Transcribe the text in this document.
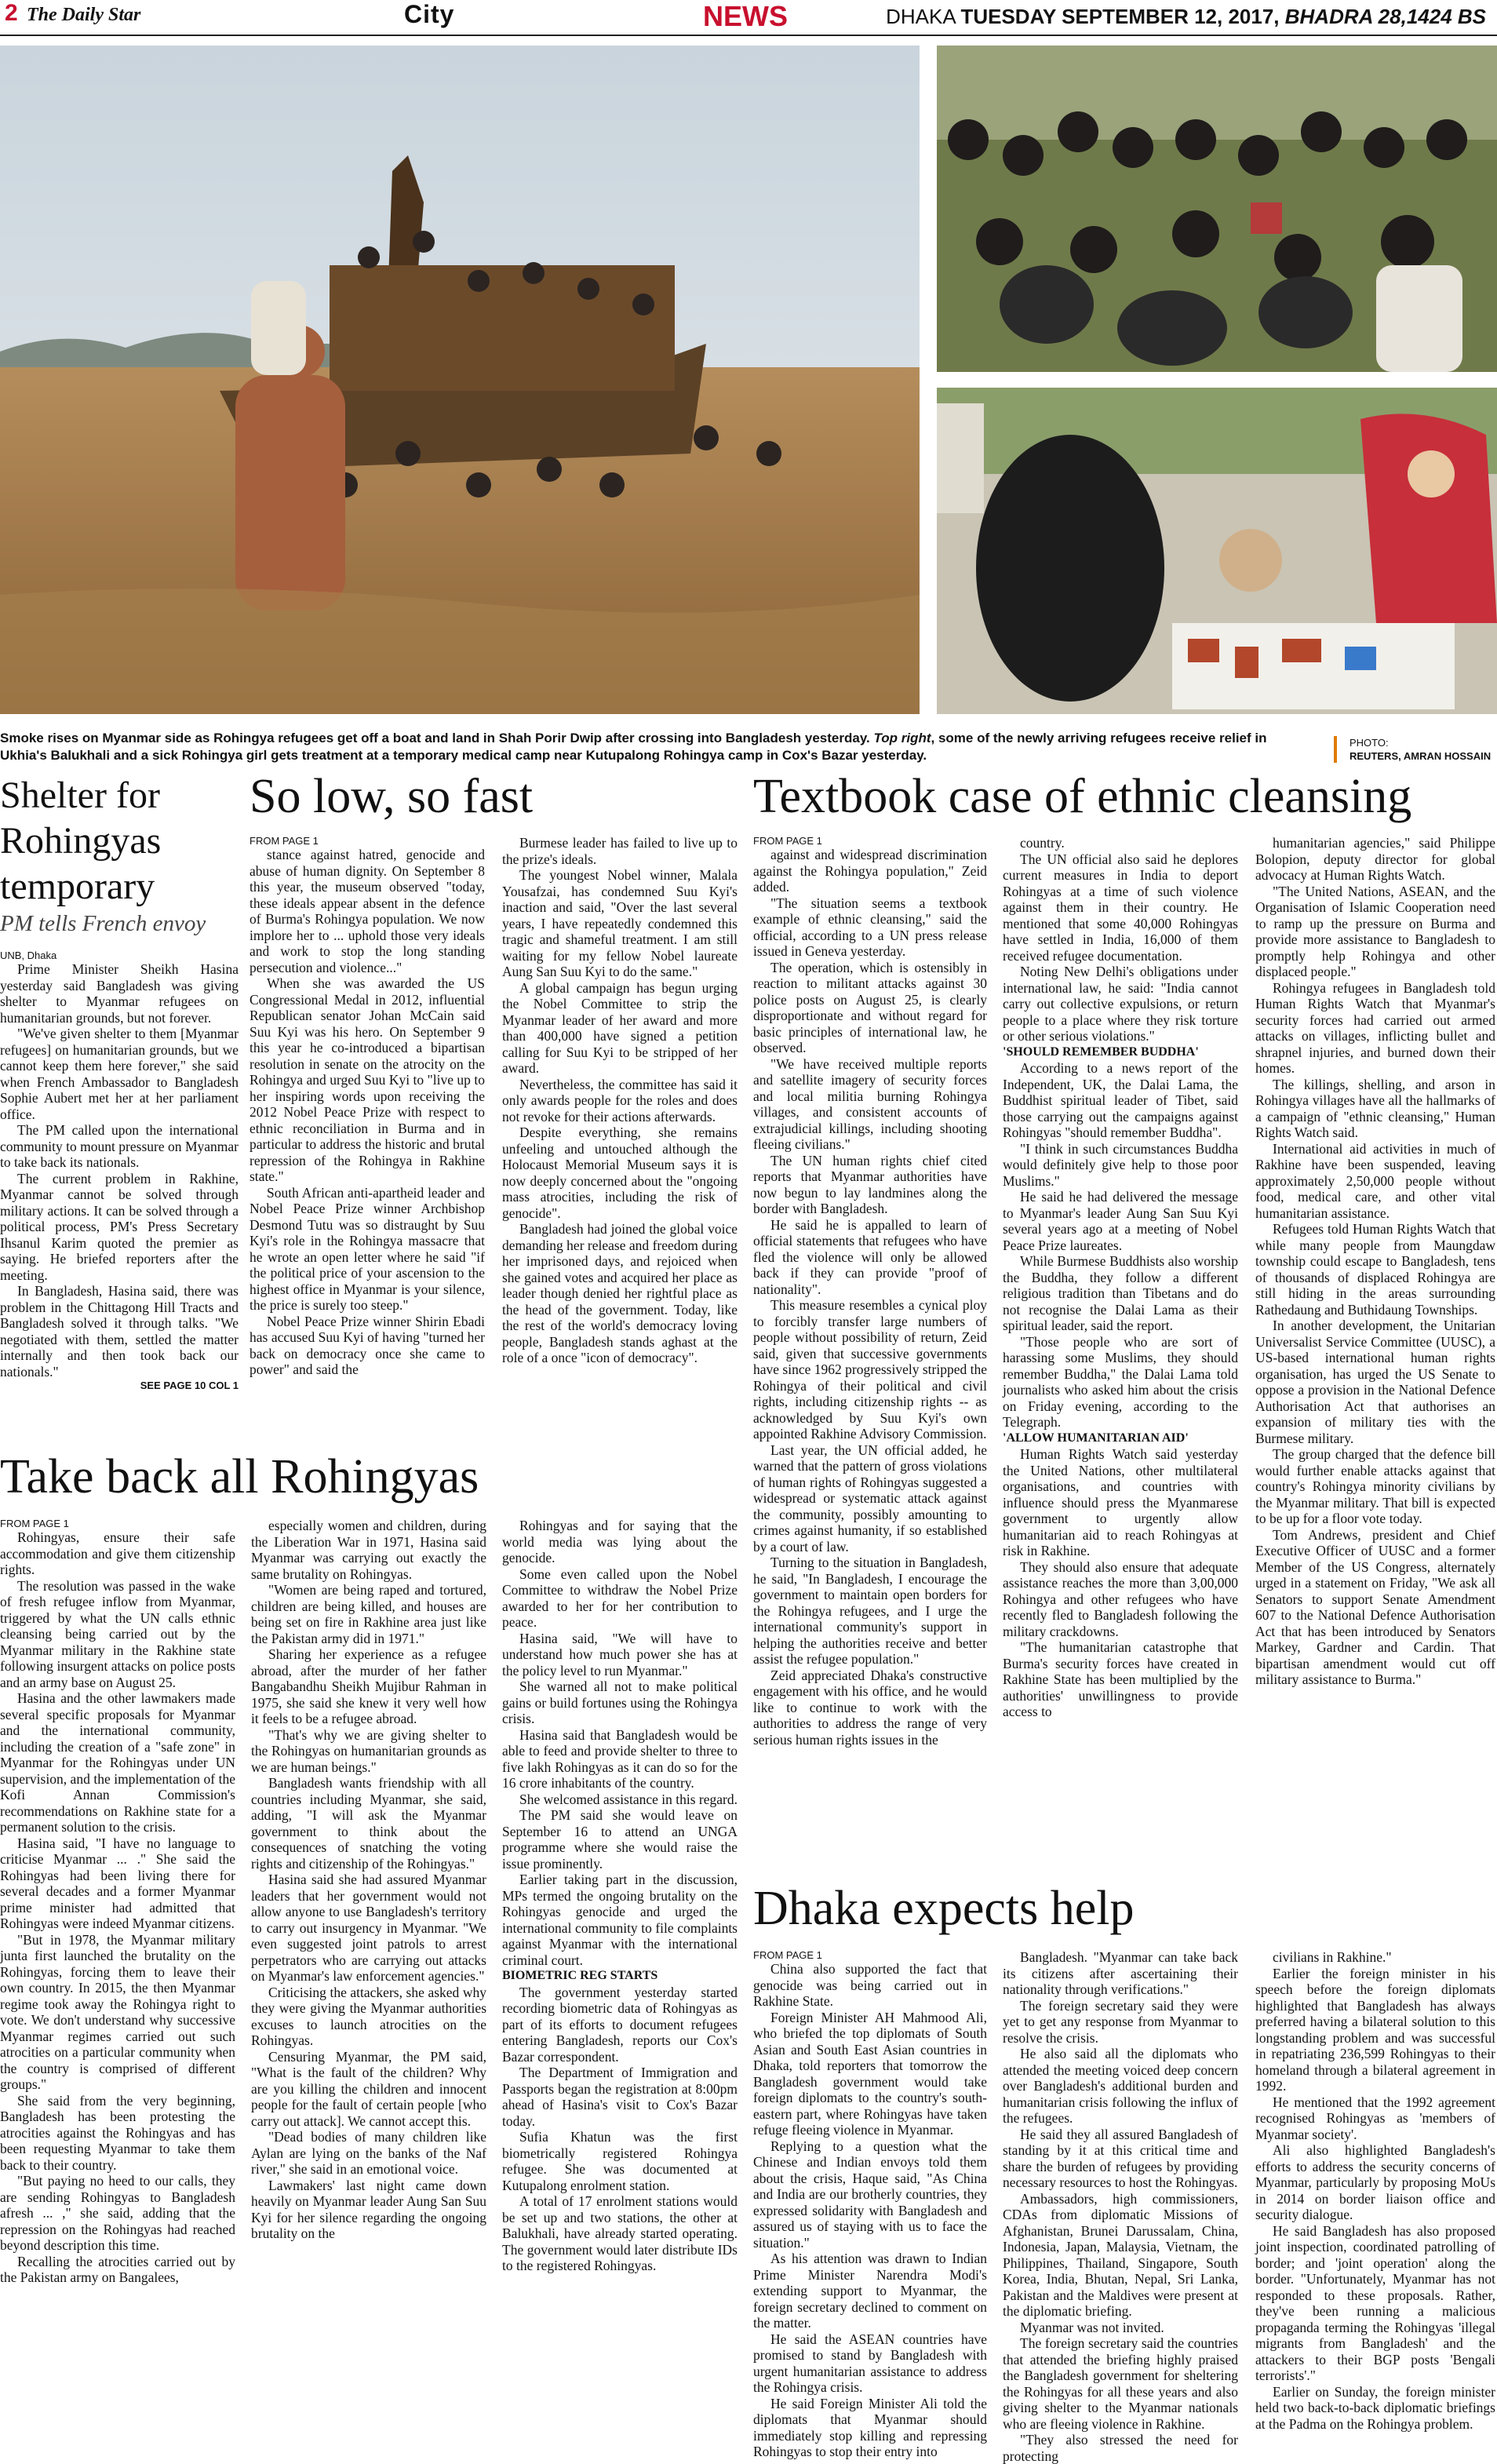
2 The Daily Star	City	NEWS	DHAKA TUESDAY SEPTEMBER 12, 2017, BHADRA 28,1424 BS
Smoke rises on Myanmar side as Rohingya refugees get off a boat and land in Shah Porir Dwip after crossing into Bangladesh yesterday. Top right, some of the newly arriving refugees receive relief in Ukhia's Balukhali and a sick Rohingya girl gets treatment at a temporary medical camp near Kutupalong Rohingya camp in Cox's Bazar yesterday.
PHOTO:
REUTERS, AMRAN HOSSAIN
Shelter for Rohingyas temporary
PM tells French envoy

UNB, Dhaka

Prime Minister Sheikh Hasina yesterday said Bangladesh was giving shelter to Myanmar refugees on humanitarian grounds, but not forever.

"We've given shelter to them [Myanmar refugees] on humanitarian grounds, but we cannot keep them here forever," she said when French Ambassador to Bangladesh Sophie Aubert met her at her parliament office.

The PM called upon the international community to mount pressure on Myanmar to take back its nationals.

The current problem in Rakhine, Myanmar cannot be solved through military actions. It can be solved through a political process, PM's Press Secretary Ihsanul Karim quoted the premier as saying. He briefed reporters after the meeting.

In Bangladesh, Hasina said, there was problem in the Chittagong Hill Tracts and Bangladesh solved it through talks. "We negotiated with them, settled the matter internally and then took back our nationals."

SEE PAGE 10 COL 1

So low, so fast

FROM PAGE 1

stance against hatred, genocide and abuse of human dignity. On September 8 this year, the museum observed "today, these ideals appear absent in the defence of Burma's Rohingya population. We now implore her to ... uphold those very ideals and work to stop the long standing persecution and violence..."

When she was awarded the US Congressional Medal in 2012, influential Republican senator Johan McCain said Suu Kyi was his hero. On September 9 this year he co-introduced a bipartisan resolution in senate on the atrocity on the Rohingya and urged Suu Kyi to "live up to her inspiring words upon receiving the 2012 Nobel Peace Prize with respect to ethnic reconciliation in Burma and in particular to address the historic and brutal repression of the Rohingya in Rakhine state."

South African anti-apartheid leader and Nobel Peace Prize winner Archbishop Desmond Tutu was so distraught by Suu Kyi's role in the Rohingya massacre that he wrote an open letter where he said "if the political price of your ascension to the highest office in Myanmar is your silence, the price is surely too steep."

Nobel Peace Prize winner Shirin Ebadi has accused Suu Kyi of having "turned her back on democracy once she came to power" and said the

Burmese leader has failed to live up to the prize's ideals.

The youngest Nobel winner, Malala Yousafzai, has condemned Suu Kyi's inaction and said, "Over the last several years, I have repeatedly condemned this tragic and shameful treatment. I am still waiting for my fellow Nobel laureate Aung San Suu Kyi to do the same."

A global campaign has begun urging the Nobel Committee to strip the Myanmar leader of her award and more than 400,000 have signed a petition calling for Suu Kyi to be stripped of her award.

Nevertheless, the committee has said it only awards people for the roles and does not revoke for their actions afterwards.

Despite everything, she remains unfeeling and untouched although the Holocaust Memorial Museum says it is now deeply concerned about the "ongoing mass atrocities, including the risk of genocide".

Bangladesh had joined the global voice demanding her release and freedom during her imprisoned days, and rejoiced when she gained votes and acquired her place as leader though denied her rightful place as the head of the government. Today, like the rest of the world's democracy loving people, Bangladesh stands aghast at the role of a once "icon of democracy".

Textbook case of ethnic cleansing

FROM PAGE 1

against and widespread discrimination against the Rohingya population," Zeid added.

"The situation seems a textbook example of ethnic cleansing," said the official, according to a UN press release issued in Geneva yesterday.

The operation, which is ostensibly in reaction to militant attacks against 30 police posts on August 25, is clearly disproportionate and without regard for basic principles of international law, he observed.

"We have received multiple reports and satellite imagery of security forces and local militia burning Rohingya villages, and consistent accounts of extrajudicial killings, including shooting fleeing civilians."

The UN human rights chief cited reports that Myanmar authorities have now begun to lay landmines along the border with Bangladesh.

He said he is appalled to learn of official statements that refugees who have fled the violence will only be allowed back if they can provide "proof of nationality".

This measure resembles a cynical ploy to forcibly transfer large numbers of people without possibility of return, Zeid said, given that successive governments have since 1962 progressively stripped the Rohingya of their political and civil rights, including citizenship rights -- as acknowledged by Suu Kyi's own appointed Rakhine Advisory Commission.

Last year, the UN official added, he warned that the pattern of gross violations of human rights of Rohingyas suggested a widespread or systematic attack against the community, possibly amounting to crimes against humanity, if so established by a court of law.

Turning to the situation in Bangladesh, he said, "In Bangladesh, I encourage the government to maintain open borders for the Rohingya refugees, and I urge the international community's support in helping the authorities receive and better assist the refugee population."

Zeid appreciated Dhaka's constructive engagement with his office, and he would like to continue to work with the authorities to address the range of very serious human rights issues in the

country.

The UN official also said he deplores current measures in India to deport Rohingyas at a time of such violence against them in their country. He mentioned that some 40,000 Rohingyas have settled in India, 16,000 of them received refugee documentation.

Noting New Delhi's obligations under international law, he said: "India cannot carry out collective expulsions, or return people to a place where they risk torture or other serious violations."

'SHOULD REMEMBER BUDDHA'

According to a news report of the Independent, UK, the Dalai Lama, the Buddhist spiritual leader of Tibet, said those carrying out the campaigns against Rohingyas "should remember Buddha".

"I think in such circumstances Buddha would definitely give help to those poor Muslims."

He said he had delivered the message to Myanmar's leader Aung San Suu Kyi several years ago at a meeting of Nobel Peace Prize laureates.

While Burmese Buddhists also worship the Buddha, they follow a different religious tradition than Tibetans and do not recognise the Dalai Lama as their spiritual leader, said the report.

"Those people who are sort of harassing some Muslims, they should remember Buddha," the Dalai Lama told journalists who asked him about the crisis on Friday evening, according to the Telegraph.

'ALLOW HUMANITARIAN AID'

Human Rights Watch said yesterday the United Nations, other multilateral organisations, and countries with influence should press the Myanmarese government to urgently allow humanitarian aid to reach Rohingyas at risk in Rakhine.

They should also ensure that adequate assistance reaches the more than 3,00,000 Rohingya and other refugees who have recently fled to Bangladesh following the military crackdowns.

"The humanitarian catastrophe that Burma's security forces have created in Rakhine State has been multiplied by the authorities' unwillingness to provide access to

humanitarian agencies," said Philippe Bolopion, deputy director for global advocacy at Human Rights Watch.

"The United Nations, ASEAN, and the Organisation of Islamic Cooperation need to ramp up the pressure on Burma and provide more assistance to Bangladesh to promptly help Rohingya and other displaced people."

Rohingya refugees in Bangladesh told Human Rights Watch that Myanmar's security forces had carried out armed attacks on villages, inflicting bullet and shrapnel injuries, and burned down their homes.

The killings, shelling, and arson in Rohingya villages have all the hallmarks of a campaign of "ethnic cleansing," Human Rights Watch said.

International aid activities in much of Rakhine have been suspended, leaving approximately 2,50,000 people without food, medical care, and other vital humanitarian assistance.

Refugees told Human Rights Watch that while many people from Maungdaw township could escape to Bangladesh, tens of thousands of displaced Rohingya are still hiding in the areas surrounding Rathedaung and Buthidaung Townships.

In another development, the Unitarian Universalist Service Committee (UUSC), a US-based international human rights organisation, has urged the US Senate to oppose a provision in the National Defence Authorisation Act that authorises an expansion of military ties with the Burmese military.

The group charged that the defence bill would further enable attacks against that country's Rohingya minority civilians by the Myanmar military. That bill is expected to be up for a floor vote today.

Tom Andrews, president and Chief Executive Officer of UUSC and a former Member of the US Congress, alternately urged in a statement on Friday, "We ask all Senators to support Senate Amendment 607 to the National Defence Authorisation Act that has been introduced by Senators Markey, Gardner and Cardin. That bipartisan amendment would cut off military assistance to Burma."

Take back all Rohingyas

FROM PAGE 1

Rohingyas, ensure their safe accommodation and give them citizenship rights.

The resolution was passed in the wake of fresh refugee inflow from Myanmar, triggered by what the UN calls ethnic cleansing being carried out by the Myanmar military in the Rakhine state following insurgent attacks on police posts and an army base on August 25.

Hasina and the other lawmakers made several specific proposals for Myanmar and the international community, including the creation of a "safe zone" in Myanmar for the Rohingyas under UN supervision, and the implementation of the Kofi Annan Commission's recommendations on Rakhine state for a permanent solution to the crisis.

Hasina said, "I have no language to criticise Myanmar ... ." She said the Rohingyas had been living there for several decades and a former Myanmar prime minister had admitted that Rohingyas were indeed Myanmar citizens.

"But in 1978, the Myanmar military junta first launched the brutality on the Rohingyas, forcing them to leave their own country. In 2015, the then Myanmar regime took away the Rohingya right to vote. We don't understand why successive Myanmar regimes carried out such atrocities on a particular community when the country is comprised of different groups."

She said from the very beginning, Bangladesh has been protesting the atrocities against the Rohingyas and has been requesting Myanmar to take them back to their country.

"But paying no heed to our calls, they are sending Rohingyas to Bangladesh afresh ... ," she said, adding that the repression on the Rohingyas had reached beyond description this time.

Recalling the atrocities carried out by the Pakistan army on Bangalees,

especially women and children, during the Liberation War in 1971, Hasina said Myanmar was carrying out exactly the same brutality on Rohingyas.

"Women are being raped and tortured, children are being killed, and houses are being set on fire in Rakhine area just like the Pakistan army did in 1971."

Sharing her experience as a refugee abroad, after the murder of her father Bangabandhu Sheikh Mujibur Rahman in 1975, she said she knew it very well how it feels to be a refugee abroad.

"That's why we are giving shelter to the Rohingyas on humanitarian grounds as we are human beings."

Bangladesh wants friendship with all countries including Myanmar, she said, adding, "I will ask the Myanmar government to think about the consequences of snatching the voting rights and citizenship of the Rohingyas."

Hasina said she had assured Myanmar leaders that her government would not allow anyone to use Bangladesh's territory to carry out insurgency in Myanmar. "We even suggested joint patrols to arrest perpetrators who are carrying out attacks on Myanmar's law enforcement agencies."

Criticising the attackers, she asked why they were giving the Myanmar authorities excuses to launch atrocities on the Rohingyas.

Censuring Myanmar, the PM said, "What is the fault of the children? Why are you killing the children and innocent people for the fault of certain people [who carry out attack]. We cannot accept this.

"Dead bodies of many children like Aylan are lying on the banks of the Naf river," she said in an emotional voice.

Lawmakers' last night came down heavily on Myanmar leader Aung San Suu Kyi for her silence regarding the ongoing brutality on the

Rohingyas and for saying that the world media was lying about the genocide.

Some even called upon the Nobel Committee to withdraw the Nobel Prize awarded to her for her contribution to peace.

Hasina said, "We will have to understand how much power she has at the policy level to run Myanmar."

She warned all not to make political gains or build fortunes using the Rohingya crisis.

Hasina said that Bangladesh would be able to feed and provide shelter to three to five lakh Rohingyas as it can do so for the 16 crore inhabitants of the country.

She welcomed assistance in this regard.

The PM said she would leave on September 16 to attend an UNGA programme where she would raise the issue prominently.

Earlier taking part in the discussion, MPs termed the ongoing brutality on the Rohingyas genocide and urged the international community to file complaints against Myanmar with the international criminal court.

BIOMETRIC REG STARTS

The government yesterday started recording biometric data of Rohingyas as part of its efforts to document refugees entering Bangladesh, reports our Cox's Bazar correspondent.

The Department of Immigration and Passports began the registration at 8:00pm ahead of Hasina's visit to Cox's Bazar today.

Sufia Khatun was the first biometrically registered Rohingya refugee. She was documented at Kutupalong enrolment station.

A total of 17 enrolment stations would be set up and two stations, the other at Balukhali, have already started operating. The government would later distribute IDs to the registered Rohingyas.

Dhaka expects help

FROM PAGE 1

China also supported the fact that genocide was being carried out in Rakhine State.

Foreign Minister AH Mahmood Ali, who briefed the top diplomats of South Asian and South East Asian countries in Dhaka, told reporters that tomorrow the Bangladesh government would take foreign diplomats to the country's south-eastern part, where Rohingyas have taken refuge fleeing violence in Myanmar.

Replying to a question what the Chinese and Indian envoys told them about the crisis, Haque said, "As China and India are our brotherly countries, they expressed solidarity with Bangladesh and assured us of staying with us to face the situation."

As his attention was drawn to Indian Prime Minister Narendra Modi's extending support to Myanmar, the foreign secretary declined to comment on the matter.

He said the ASEAN countries have promised to stand by Bangladesh with urgent humanitarian assistance to address the Rohingya crisis.

He said Foreign Minister Ali told the diplomats that Myanmar should immediately stop killing and repressing Rohingyas to stop their entry into

Bangladesh. "Myanmar can take back its citizens after ascertaining their nationality through verifications."

The foreign secretary said they were yet to get any response from Myanmar to resolve the crisis.

He also said all the diplomats who attended the meeting voiced deep concern over Bangladesh's additional burden and humanitarian crisis following the influx of the refugees.

He said they all assured Bangladesh of standing by it at this critical time and share the burden of refugees by providing necessary resources to host the Rohingyas.

Ambassadors, high commissioners, CDAs from diplomatic Missions of Afghanistan, Brunei Darussalam, China, Indonesia, Japan, Malaysia, Vietnam, the Philippines, Thailand, Singapore, South Korea, India, Bhutan, Nepal, Sri Lanka, Pakistan and the Maldives were present at the diplomatic briefing.

Myanmar was not invited.

The foreign secretary said the countries that attended the briefing highly praised the Bangladesh government for sheltering the Rohingyas for all these years and also giving shelter to the Myanmar nationals who are fleeing violence in Rakhine.

"They also stressed the need for protecting

civilians in Rakhine."

Earlier the foreign minister in his speech before the foreign diplomats highlighted that Bangladesh has always preferred having a bilateral solution to this longstanding problem and was successful in repatriating 236,599 Rohingyas to their homeland through a bilateral agreement in 1992.

He mentioned that the 1992 agreement recognised Rohingyas as 'members of Myanmar society'.

Ali also highlighted Bangladesh's efforts to address the security concerns of Myanmar, particularly by proposing MoUs in 2014 on border liaison office and security dialogue.

He said Bangladesh has also proposed joint inspection, coordinated patrolling of border; and 'joint operation' along the border. "Unfortunately, Myanmar has not responded to these proposals. Rather, they've been running a malicious propaganda terming the Rohingyas 'illegal migrants from Bangladesh' and the attackers to their BGP posts 'Bengali terrorists'."

Earlier on Sunday, the foreign minister held two back-to-back diplomatic briefings at the Padma on the Rohingya problem.
